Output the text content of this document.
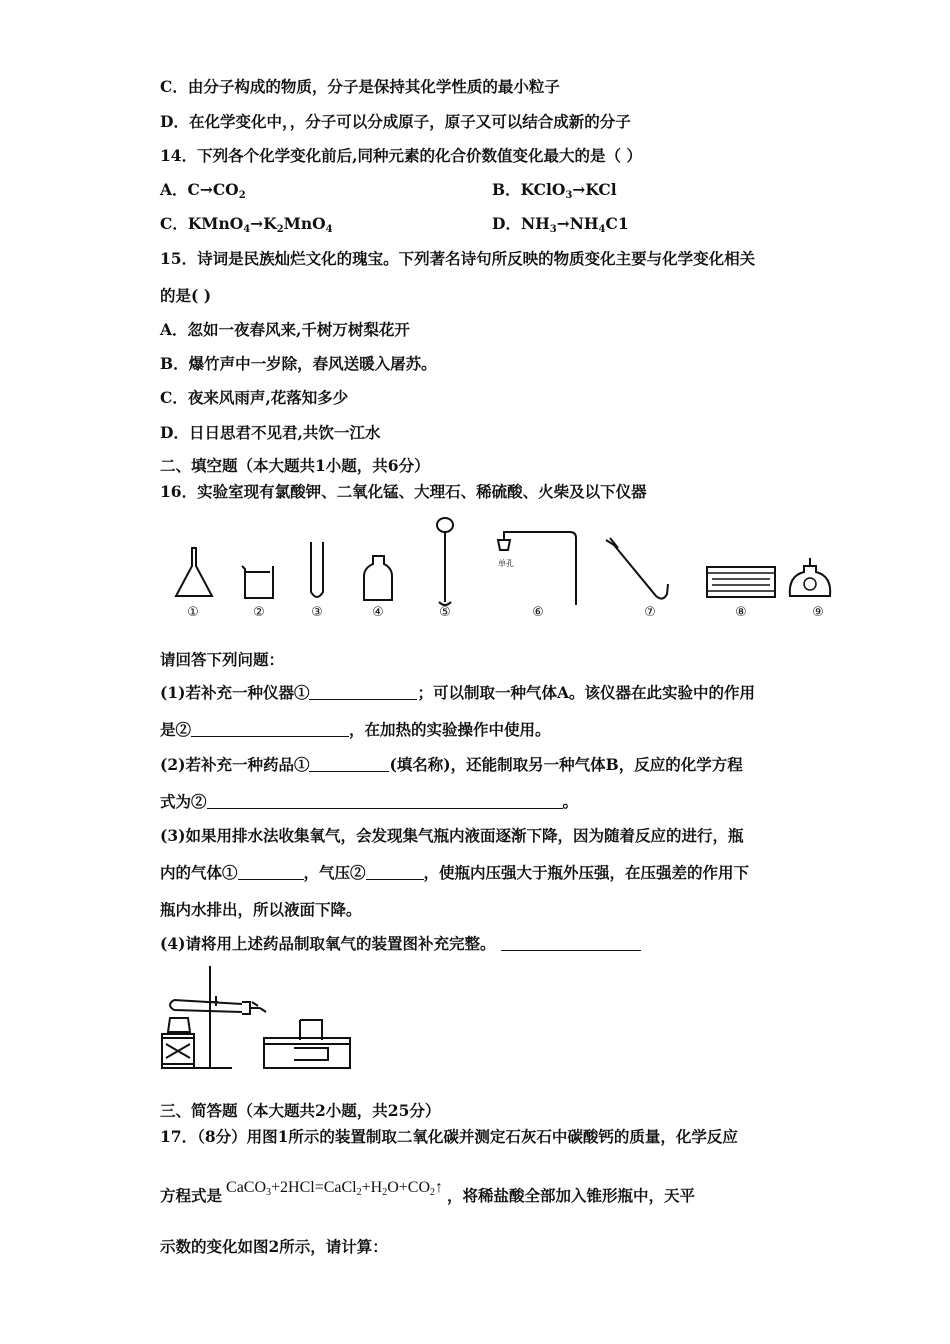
C．由分子构成的物质，分子是保持其化学性质的最小粒子
D．在化学变化中，，分子可以分成原子，原子又可以结合成新的分子
14．下列各个化学变化前后,同种元素的化合价数值变化最大的是（ ）
A．$C\to CO_2$	B．KClO$_3$→KCl
C．$KMnO_4\to K_2MnO_4$	D．$NH_3\to NH_4C1$
15．诗词是民族灿烂文化的瑰宝。下列著名诗句所反映的物质变化主要与化学变化相关
的是( )
A．忽如一夜春风来,千树万树梨花开
B．爆竹声中一岁除，春风送暖入屠苏。
C．夜来风雨声,花落知多少
D．日日思君不见君,共饮一江水
二、填空题（本大题共1小题，共6分）
16．实验室现有氯酸钾、二氧化锰、大理石、稀硫酸、火柴及以下仪器
单孔
①	②	③	④	⑤	⑥	⑦	⑧	⑨
请回答下列问题：
(1)若补充一种仪器①	；可以制取一种气体A。该仪器在此实验中的作用
是②	，在加热的实验操作中使用。
(2)若补充一种药品①	(填名称)，还能制取另一种气体B，反应的化学方程
式为②	。
(3)如果用排水法收集氧气，会发现集气瓶内液面逐渐下降，因为随着反应的进行，瓶
内的气体①	，气压②	，使瓶内压强大于瓶外压强，在压强差的作用下
瓶内水排出，所以液面下降。
(4)请将用上述药品制取氧气的装置图补充完整。
三、简答题（本大题共2小题，共25分）
17．（8分）用图1所示的装置制取二氧化碳并测定石灰石中碳酸钙的质量，化学反应
方程式是 $CaCO_3+2HCl=CaCl_2+H_2O+CO_2↑$ ，将稀盐酸全部加入锥形瓶中，天平
示数的变化如图2所示，请计算：
